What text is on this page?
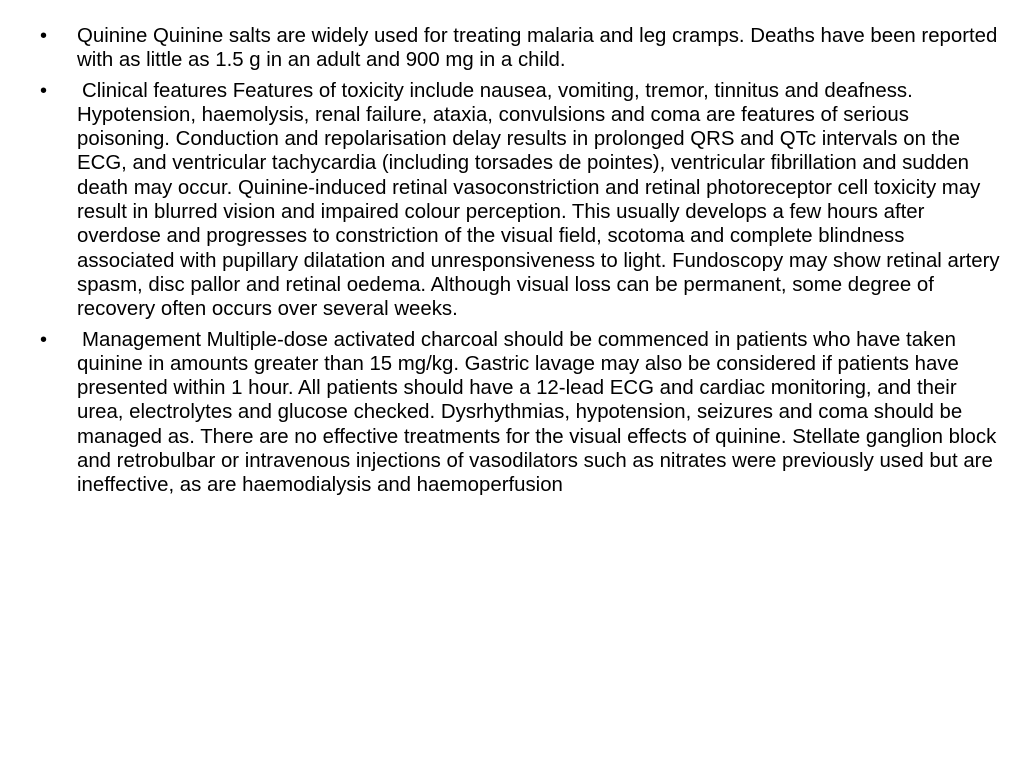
• Quinine Quinine salts are widely used for treating malaria and leg cramps. Deaths have been reported with as little as 1.5 g in an adult and 900 mg in a child.
• Clinical features Features of toxicity include nausea, vomiting, tremor, tinnitus and deafness. Hypotension, haemolysis, renal failure, ataxia, convulsions and coma are features of serious poisoning. Conduction and repolarisation delay results in prolonged QRS and QTc intervals on the ECG, and ventricular tachycardia (including torsades de pointes), ventricular fibrillation and sudden death may occur. Quinine-induced retinal vasoconstriction and retinal photoreceptor cell toxicity may result in blurred vision and impaired colour perception. This usually develops a few hours after overdose and progresses to constriction of the visual field, scotoma and complete blindness associated with pupillary dilatation and unresponsiveness to light. Fundoscopy may show retinal artery spasm, disc pallor and retinal oedema. Although visual loss can be permanent, some degree of recovery often occurs over several weeks.
• Management Multiple-dose activated charcoal should be commenced in patients who have taken quinine in amounts greater than 15 mg/kg. Gastric lavage may also be considered if patients have presented within 1 hour. All patients should have a 12-lead ECG and cardiac monitoring, and their urea, electrolytes and glucose checked. Dysrhythmias, hypotension, seizures and coma should be managed as. There are no effective treatments for the visual effects of quinine. Stellate ganglion block and retrobulbar or intravenous injections of vasodilators such as nitrates were previously used but are ineffective, as are haemodialysis and haemoperfusion
